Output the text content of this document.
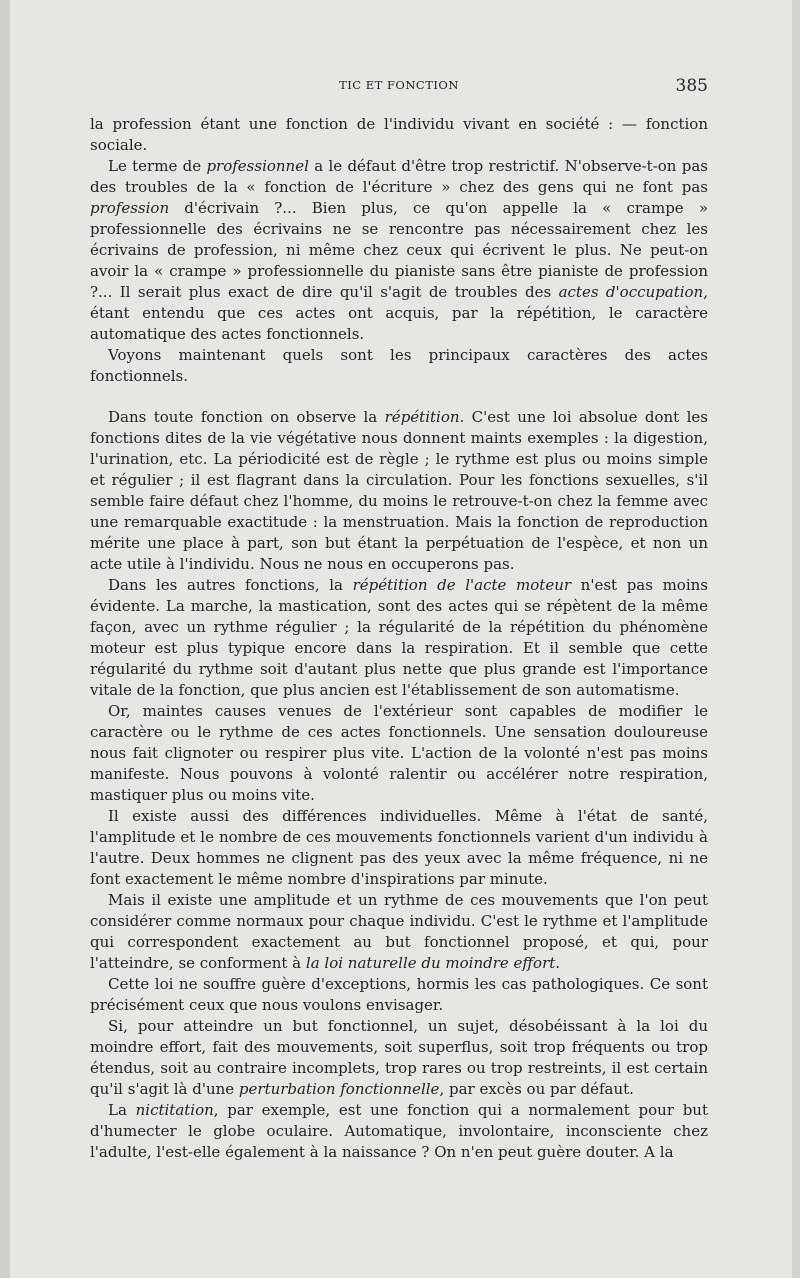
TIC ET FONCTION	385

la profession étant une fonction de l'individu vivant en société : — fonction sociale.

Le terme de professionnel a le défaut d'être trop restrictif. N'observe-t-on pas des troubles de la « fonction de l'écriture » chez des gens qui ne font pas profession d'écrivain ?... Bien plus, ce qu'on appelle la « crampe » professionnelle des écrivains ne se rencontre pas nécessairement chez les écrivains de profession, ni même chez ceux qui écrivent le plus. Ne peut-on avoir la « crampe » professionnelle du pianiste sans être pianiste de profession ?... Il serait plus exact de dire qu'il s'agit de troubles des actes d'occupation, étant entendu que ces actes ont acquis, par la répétition, le caractère automatique des actes fonctionnels.

Voyons maintenant quels sont les principaux caractères des actes fonctionnels.

Dans toute fonction on observe la répétition. C'est une loi absolue dont les fonctions dites de la vie végétative nous donnent maints exemples : la digestion, l'urination, etc. La périodicité est de règle ; le rythme est plus ou moins simple et régulier ; il est flagrant dans la circulation. Pour les fonctions sexuelles, s'il semble faire défaut chez l'homme, du moins le retrouve-t-on chez la femme avec une remarquable exactitude : la menstruation. Mais la fonction de reproduction mérite une place à part, son but étant la perpétuation de l'espèce, et non un acte utile à l'individu. Nous ne nous en occuperons pas.

Dans les autres fonctions, la répétition de l'acte moteur n'est pas moins évidente. La marche, la mastication, sont des actes qui se répètent de la même façon, avec un rythme régulier ; la régularité de la répétition du phénomène moteur est plus typique encore dans la respiration. Et il semble que cette régularité du rythme soit d'autant plus nette que plus grande est l'importance vitale de la fonction, que plus ancien est l'établissement de son automatisme.

Or, maintes causes venues de l'extérieur sont capables de modifier le caractère ou le rythme de ces actes fonctionnels. Une sensation douloureuse nous fait clignoter ou respirer plus vite. L'action de la volonté n'est pas moins manifeste. Nous pouvons à volonté ralentir ou accélérer notre respiration, mastiquer plus ou moins vite.

Il existe aussi des différences individuelles. Même à l'état de santé, l'amplitude et le nombre de ces mouvements fonctionnels varient d'un individu à l'autre. Deux hommes ne clignent pas des yeux avec la même fréquence, ni ne font exactement le même nombre d'inspirations par minute.

Mais il existe une amplitude et un rythme de ces mouvements que l'on peut considérer comme normaux pour chaque individu. C'est le rythme et l'amplitude qui correspondent exactement au but fonctionnel proposé, et qui, pour l'atteindre, se conforment à la loi naturelle du moindre effort.

Cette loi ne souffre guère d'exceptions, hormis les cas pathologiques. Ce sont précisément ceux que nous voulons envisager.

Si, pour atteindre un but fonctionnel, un sujet, désobéissant à la loi du moindre effort, fait des mouvements, soit superflus, soit trop fréquents ou trop étendus, soit au contraire incomplets, trop rares ou trop restreints, il est certain qu'il s'agit là d'une perturbation fonctionnelle, par excès ou par défaut.

La nictitation, par exemple, est une fonction qui a normalement pour but d'humecter le globe oculaire. Automatique, involontaire, inconsciente chez l'adulte, l'est-elle également à la naissance ? On n'en peut guère douter. A la
